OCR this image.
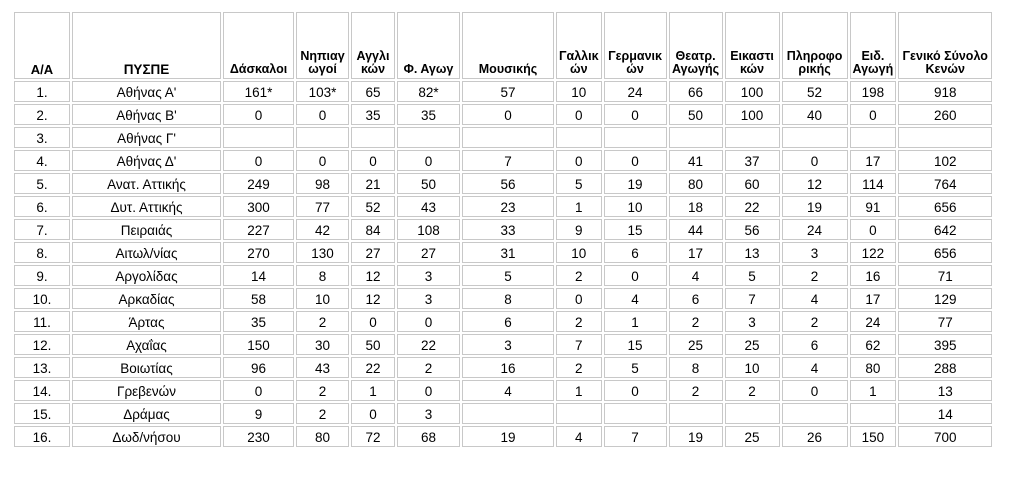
Α/Α	ΠΥΣΠΕ	Δάσκαλοι	Νηπιαγ ωγοί	Αγγλι κών	Φ. Αγωγ	Μουσικής	Γαλλικ ών	Γερμανικ ών	Θεατρ. Αγωγής	Εικαστι κών	Πληροφο ρικής	Ειδ. Αγωγή	Γενικό Σύνολο Κενών
1.	Αθήνας Α'	161*	103*	65	82*	57	10	24	66	100	52	198	918
2.	Αθήνας Β'	0	0	35	35	0	0	0	50	100	40	0	260
3.	Αθήνας Γ'												
4.	Αθήνας Δ'	0	0	0	0	7	0	0	41	37	0	17	102
5.	Ανατ. Αττικής	249	98	21	50	56	5	19	80	60	12	114	764
6.	Δυτ. Αττικής	300	77	52	43	23	1	10	18	22	19	91	656
7.	Πειραιάς	227	42	84	108	33	9	15	44	56	24	0	642
8.	Αιτωλ/νίας	270	130	27	27	31	10	6	17	13	3	122	656
9.	Αργολίδας	14	8	12	3	5	2	0	4	5	2	16	71
10.	Αρκαδίας	58	10	12	3	8	0	4	6	7	4	17	129
11.	Άρτας	35	2	0	0	6	2	1	2	3	2	24	77
12.	Αχαΐας	150	30	50	22	3	7	15	25	25	6	62	395
13.	Βοιωτίας	96	43	22	2	16	2	5	8	10	4	80	288
14.	Γρεβενών	0	2	1	0	4	1	0	2	2	0	1	13
15.	Δράμας	9	2	0	3								14
16.	Δωδ/νήσου	230	80	72	68	19	4	7	19	25	26	150	700
